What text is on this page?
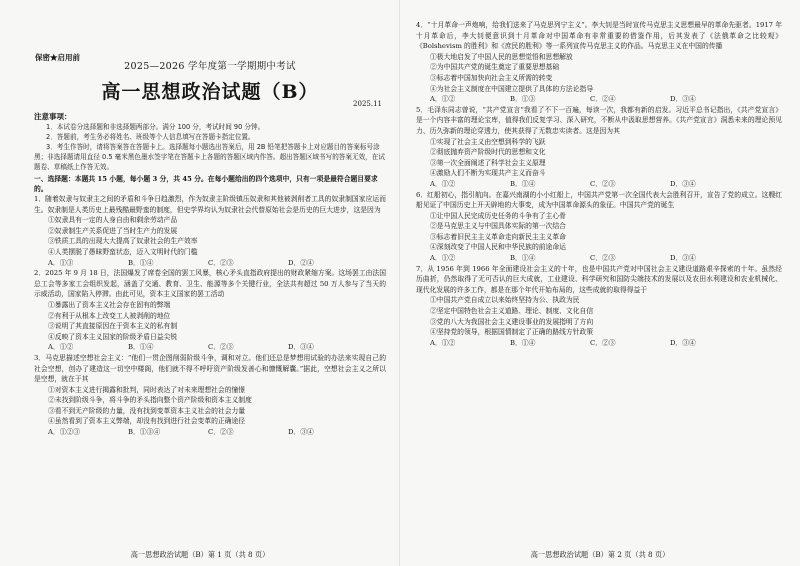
保密★启用前
2025—2026 学年度第一学期期中考试
高一思想政治试题（B）
2025.11
注意事项：
1．本试卷分选择题和非选择题两部分。满分 100 分，考试时间 90 分钟。
2．答题前，考生务必将姓名、班级等个人信息填写在答题卡指定位置。
3．考生作答时，请将答案答在答题卡上。选择题每小题选出答案后，用 2B 铅笔把答题卡上对应题目的答案标号涂黑；非选择题请用直径 0.5 毫米黑色墨水签字笔在答题卡上各题的答题区域内作答。超出答题区域书写的答案无效，在试题卷、草稿纸上作答无效。
一、选择题：本题共 15 小题，每小题 3 分，共 45 分。在每小题给出的四个选项中，只有一项是最符合题目要求的。
1．随着奴隶与奴隶主之间的矛盾和斗争日趋激烈，作为奴隶主阶级镇压奴隶和其他被剥削者工具的奴隶制国家应运而生。奴隶制是人类历史上最残酷最野蛮的制度，但史学界均认为奴隶社会代替原始社会是历史的巨大进步，这是因为
①奴隶具有一定的人身自由和剩余劳动产品
②奴隶制生产关系促进了当时生产力的发展
③铁质工具的出现大大提高了奴隶社会的生产效率
④人类摆脱了愚昧野蛮状态，迈入文明时代的门槛
A．①③	B．①④	C．②③	D．②④
2．2025 年 9 月 18 日，法国爆发了席卷全国的罢工风暴，核心矛头直指政府提出的财政紧缩方案。这场罢工由法国总工会等多家工会组织发起，涵盖了交通、教育、卫生、能源等多个关键行业，全法共有超过 50 万人参与了当天的示威活动，国家陷入停滞。由此可见，资本主义国家的罢工活动
①暴露出了资本主义社会存在固有的弊端
②有利于从根本上改变工人被剥削的地位
③说明了其直接原因在于资本主义的私有制
④反映了资本主义国家的阶级矛盾日益尖锐
A．①②	B．①④	C．②③	D．③④
3．马克思描述空想社会主义：“他们一贯企图削弱阶级斗争，调和对立。他们还总是梦想用试验的办法来实现自己的社会空想，创办了建造这一切空中楼阁，他们就不得不呼吁资产阶级发善心和慷慨解囊。”据此，空想社会主义之所以是空想，就在于其
①对资本主义进行揭露和批判，同时表达了对未来理想社会的憧憬
②未找到阶级斗争，将斗争的矛头指向整个资产阶级和资本主义制度
③看不到无产阶级的力量，没有找到变革资本主义社会的社会力量
④虽然看到了资本主义弊端，却没有找到进行社会变革的正确途径
A．①②③	B．①③④	C．②③	D．③④
高一思想政治试题（B）第 1 页（共 8 页）
4．“十月革命一声炮响，给我们送来了马克思列宁主义”。李大钊是当时宣传马克思主义思想最早的革命先驱者。1917 年十月革命后，李大钊便意识到十月革命对中国革命有非常重要的借鉴作用，后其发表了《法俄革命之比较观》《Bolshevism 的胜利》和《庶民的胜利》等一系列宣传马克思主义的作品。马克思主义在中国的传播
①极大地启发了中国人民的思想觉悟和思想解放
②为中国共产党的诞生奠定了重要思想基础
③标志着中国加快向社会主义所需的转变
④为社会主义制度在中国建立提供了具体的方法论指导
A．①②	B．①③	C．②④	D．③④
5．毛泽东同志曾说，“共产党宣言”我看了不下一百遍，每读一次，我都有新的启发。习近平总书记指出，《共产党宣言》是一个内容丰富的理论宝库，值得我们反复学习、深入研究，不断从中汲取思想营养。《共产党宣言》洞悉未来的理论预见力、历久弥新的理论穿透力，使其获得了无数忠实读者。这是因为其
①实现了社会主义由空想到科学的飞跃
②彻底抛弃资产阶级时代的思想和文化
③第一次全面阐述了科学社会主义原理
④激励人们不断为实现共产主义而奋斗
A．①②	B．①④	C．②③	D．③④
6．红船初心，指引航向。在嘉兴南湖的小小红船上，中国共产党第一次全国代表大会胜利召开，宣告了党的成立。这艘红船见证了中国历史上开天辟地的大事变，成为中国革命源头的象征。中国共产党的诞生
①让中国人民完成历史任务的斗争有了主心骨
②是马克思主义与中国具体实际的第一次结合
③标志着旧民主主义革命走向新民主主义革命
④深刻改变了中国人民和中华民族的前途命运
A．①②	B．①④	C．②③	D．③④
7．从 1956 年到 1966 年全面建设社会主义的十年，也是中国共产党对中国社会主义建设道路艰辛探索的十年。虽然经历曲折，仍然取得了无可否认的巨大成就，工业建设、科学研究和国防尖端技术的发展以及农田水利建设和农业机械化、现代化发展的许多工作，都是在那个年代开始布局的，这些成就的取得得益于
①中国共产党自成立以来始终坚持为公、执政为民
②坚定中国特色社会主义道路、理论、制度、文化自信
③党的八大为我国社会主义建设事业的发展指明了方向
④坚持党的领导，根据国情制定了正确的路线方针政策
A．①②	B．①④	C．②③	D．③④
高一思想政治试题（B）第 2 页（共 8 页）
